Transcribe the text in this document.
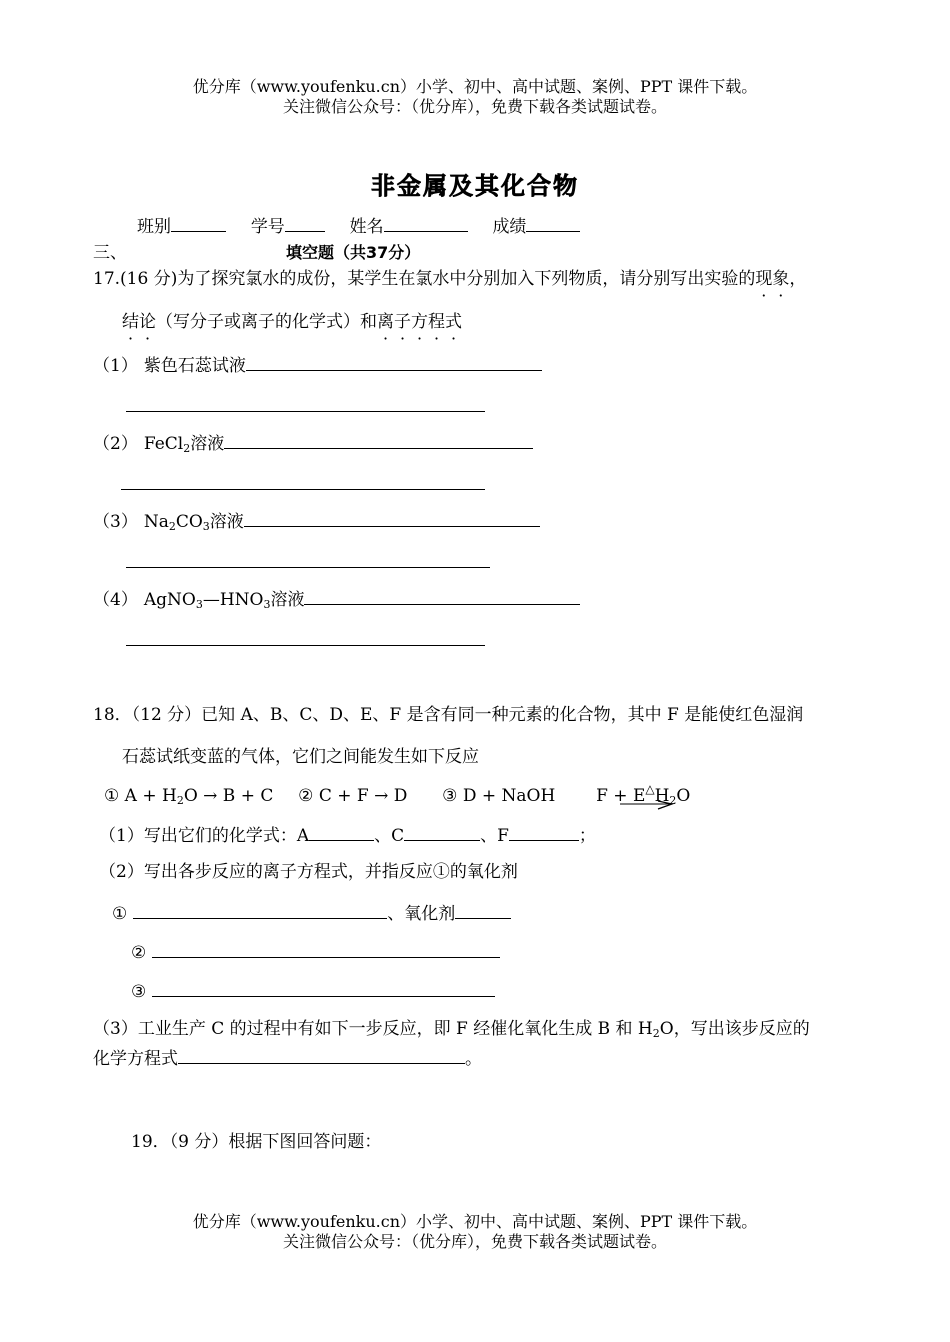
优分库（www.youfenku.cn）小学、初中、高中试题、案例、PPT 课件下载。
关注微信公众号：（优分库），免费下载各类试题试卷。
非金属及其化合物
班别	学号	姓名	成绩
三、	填空题（共37分）
17.(16 分)为了探究氯水的成份，某学生在氯水中分别加入下列物质，请分别写出实验的现象，
结论（写分子或离子的化学式）和离子方程式
（1） 紫色石蕊试液
（2） FeCl$_2$溶液
（3） $Na_2CO_3$溶液
（4） $AgNO_3—HNO_3$溶液
18．（12 分）已知 A、B、C、D、E、F 是含有同一种元素的化合物，其中 F 是能使红色湿润
石蕊试纸变蓝的气体，它们之间能发生如下反应
① $A + H_2O \to B + C$ ② C + F → D ③ D + NaOH $F + E^\triangle H_2O$
（1）写出它们的化学式：A	、C	、F	；
（2）写出各步反应的离子方程式，并指反应①的氧化剂
①	、氧化剂
②
③
（3）工业生产 C 的过程中有如下一步反应，即 F 经催化氧化生成 B 和 $H_2O$，写出该步反应的
化学方程式	。
19．（9 分）根据下图回答问题：
优分库（www.youfenku.cn）小学、初中、高中试题、案例、PPT 课件下载。
关注微信公众号：（优分库），免费下载各类试题试卷。
